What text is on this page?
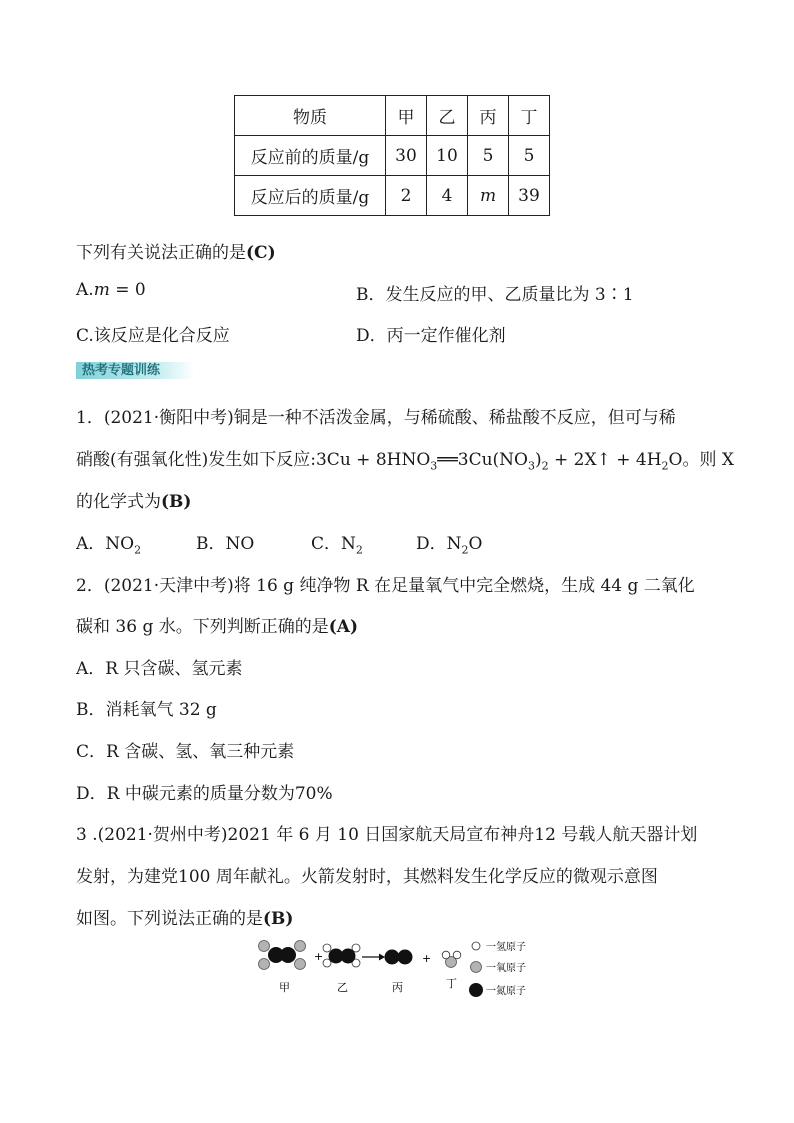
物质	甲	乙	丙	丁
反应前的质量/g	30	10	5	5
反应后的质量/g	2	4	m	39
下列有关说法正确的是(C)
A.m = 0	B．发生反应的甲、乙质量比为 3∶1
C.该反应是化合反应	D．丙一定作催化剂
热考专题训练
1．(2021·衡阳中考)铜是一种不活泼金属，与稀硫酸、稀盐酸不反应，但可与稀
硝酸(有强氧化性)发生如下反应:3Cu + $8HNO_3══3Cu(NO_3)_2$ + 2X↑ + $4H_2O$。则 X
的化学式为(B)
A．$NO_2$	B．NO	C．$N_2$	D．$N_2O$
2．(2021·天津中考)将 16 g 纯净物 R 在足量氧气中完全燃烧，生成 44 g 二氧化
碳和 36 g 水。下列判断正确的是(A)
A．R 只含碳、氢元素
B．消耗氧气 32 g
C．R 含碳、氢、氧三种元素
D．R 中碳元素的质量分数为70%
3 .(2021·贺州中考)2021 年 6 月 10 日国家航天局宣布神舟12 号载人航天器计划
发射，为建党100 周年献礼。火箭发射时，其燃料发生化学反应的微观示意图
如图。下列说法正确的是(B)
+	+
甲	乙	丙	丁
一氢原子
一氧原子
一氮原子
